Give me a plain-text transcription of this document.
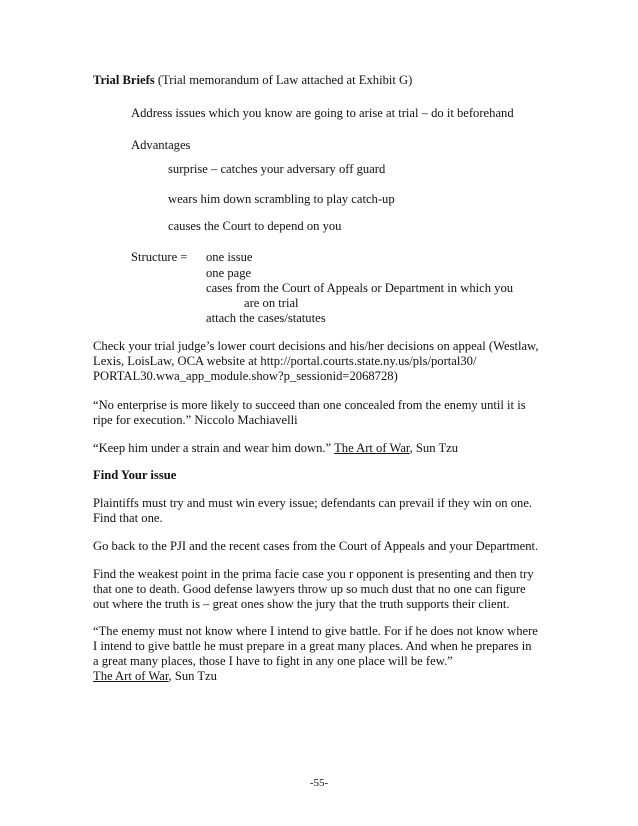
Trial Briefs (Trial memorandum of Law attached at Exhibit G)
Address issues which you know are going to arise at trial – do it beforehand
Advantages
surprise – catches your adversary off guard
wears him down scrambling to play catch-up
causes the Court to depend on you
Structure = one issue
one page
cases from the Court of Appeals or Department in which you
are on trial
attach the cases/statutes
Check your trial judge’s lower court decisions and his/her decisions on appeal (Westlaw,
Lexis, LoisLaw, OCA website at http://portal.courts.state.ny.us/pls/portal30/
PORTAL30.wwa_app_module.show?p_sessionid=2068728)
“No enterprise is more likely to succeed than one concealed from the enemy until it is
ripe for execution.” Niccolo Machiavelli
“Keep him under a strain and wear him down.” The Art of War, Sun Tzu
Find Your issue
Plaintiffs must try and must win every issue; defendants can prevail if they win on one.
Find that one.
Go back to the PJI and the recent cases from the Court of Appeals and your Department.
Find the weakest point in the prima facie case you r opponent is presenting and then try
that one to death. Good defense lawyers throw up so much dust that no one can figure
out where the truth is – great ones show the jury that the truth supports their client.
“The enemy must not know where I intend to give battle. For if he does not know where
I intend to give battle he must prepare in a great many places. And when he prepares in
a great many places, those I have to fight in any one place will be few.”
The Art of War, Sun Tzu
-55-
